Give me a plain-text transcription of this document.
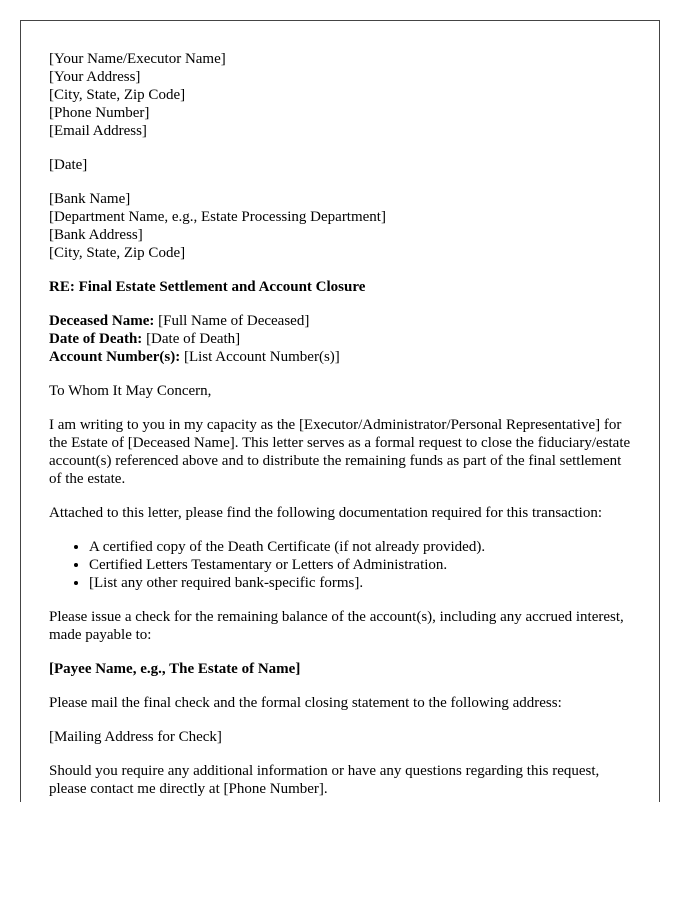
[Your Name/Executor Name]
[Your Address]
[City, State, Zip Code]
[Phone Number]
[Email Address]

[Date]

[Bank Name]
[Department Name, e.g., Estate Processing Department]
[Bank Address]
[City, State, Zip Code]

RE: Final Estate Settlement and Account Closure

Deceased Name: [Full Name of Deceased]
Date of Death: [Date of Death]
Account Number(s): [List Account Number(s)]

To Whom It May Concern,

I am writing to you in my capacity as the [Executor/Administrator/Personal Representative] for the Estate of [Deceased Name]. This letter serves as a formal request to close the fiduciary/estate account(s) referenced above and to distribute the remaining funds as part of the final settlement of the estate.

Attached to this letter, please find the following documentation required for this transaction:

• A certified copy of the Death Certificate (if not already provided).
• Certified Letters Testamentary or Letters of Administration.
• [List any other required bank-specific forms].

Please issue a check for the remaining balance of the account(s), including any accrued interest, made payable to:

[Payee Name, e.g., The Estate of Name]

Please mail the final check and the formal closing statement to the following address:

[Mailing Address for Check]

Should you require any additional information or have any questions regarding this request, please contact me directly at [Phone Number].
